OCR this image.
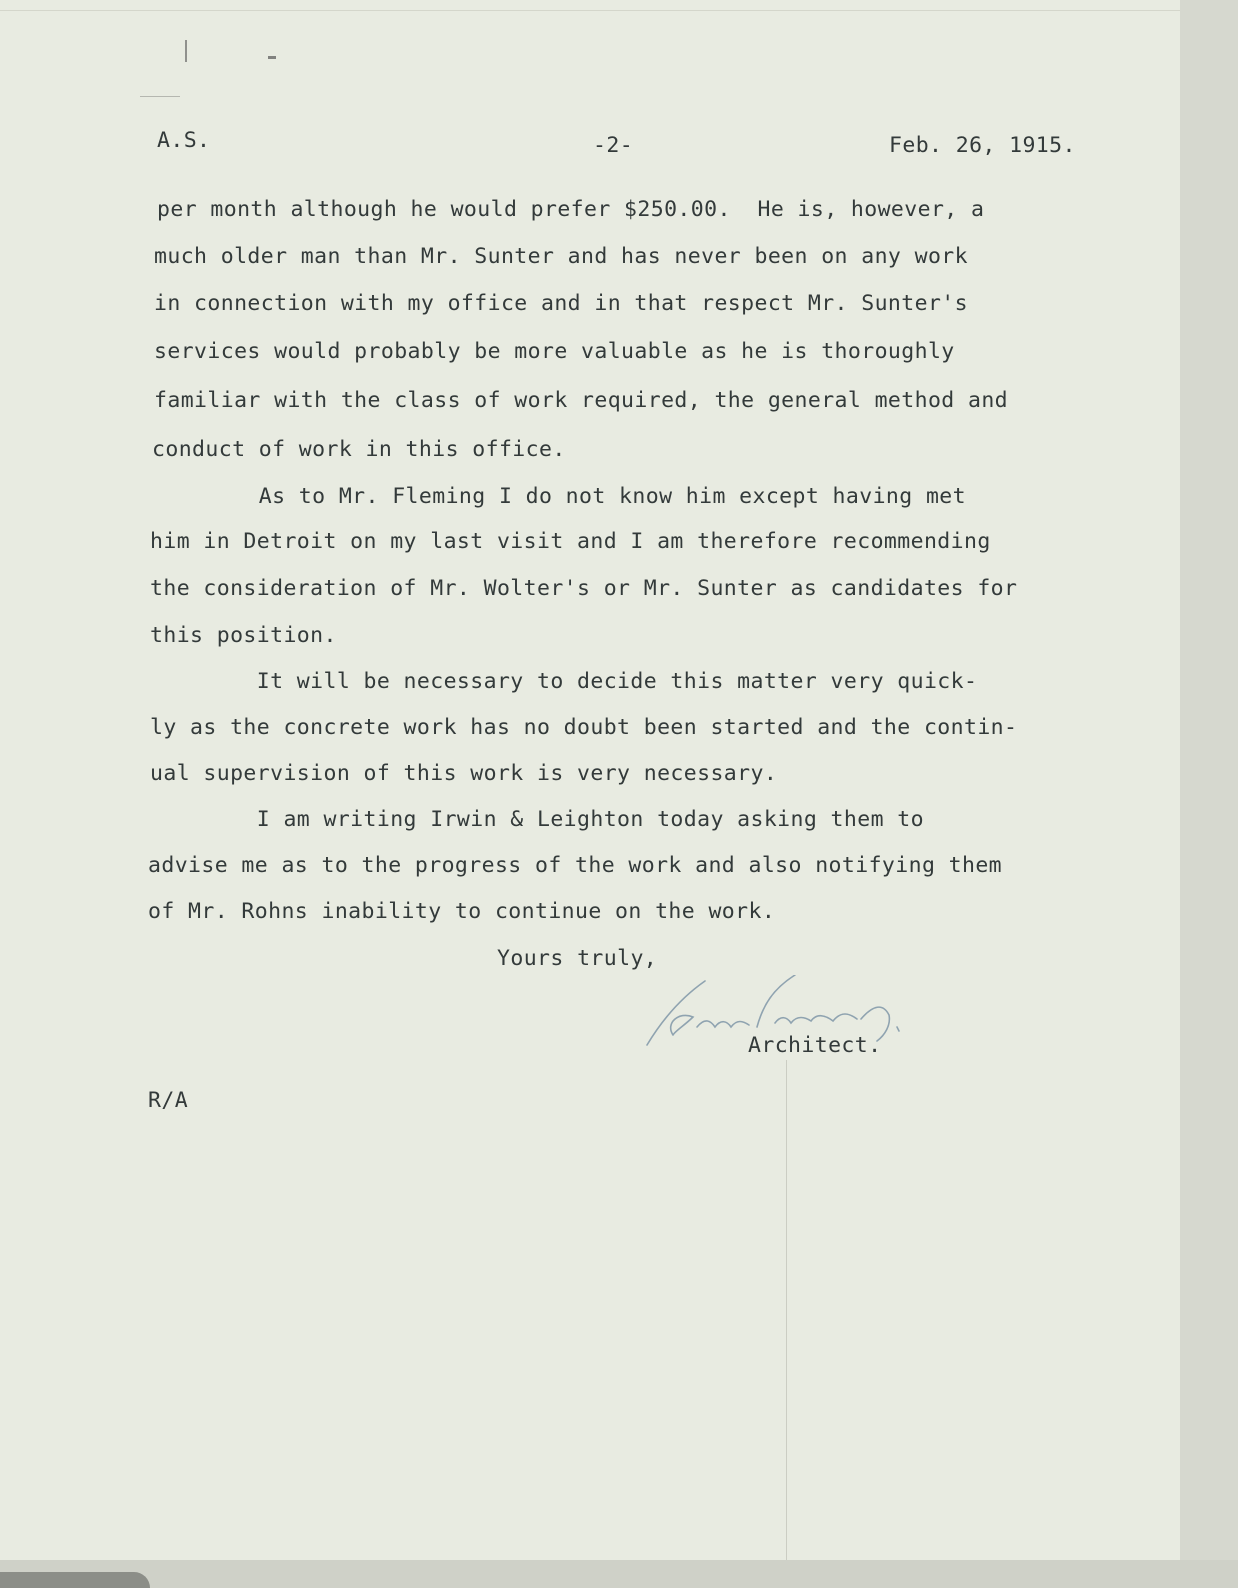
A.S.	-2-	Feb. 26, 1915.
per month although he would prefer $250.00.  He is, however, a
much older man than Mr. Sunter and has never been on any work
in connection with my office and in that respect Mr. Sunter's
services would probably be more valuable as he is thoroughly
familiar with the class of work required, the general method and
conduct of work in this office.
As to Mr. Fleming I do not know him except having met
him in Detroit on my last visit and I am therefore recommending
the consideration of Mr. Wolter's or Mr. Sunter as candidates for
this position.
It will be necessary to decide this matter very quick-
ly as the concrete work has no doubt been started and the contin-
ual supervision of this work is very necessary.
I am writing Irwin & Leighton today asking them to
advise me as to the progress of the work and also notifying them
of Mr. Rohns inability to continue on the work.
Yours truly,
Architect.
R/A
